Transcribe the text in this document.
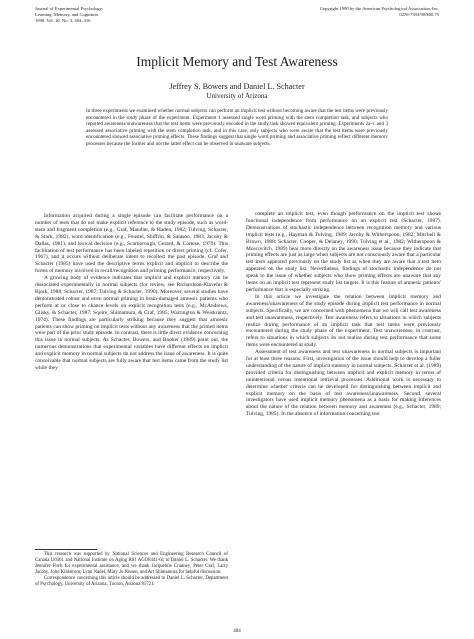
Journal of Experimental Psychology:
Learning, Memory, and Cognition
1990, Vol. 16, No. 3, 404–416
Copyright 1990 by the American Psychological Association, Inc.
0278-7393/90/$00.75
Implicit Memory and Test Awareness
Jeffrey S. Bowers and Daniel L. Schacter
University of Arizona
In three experiments we examined whether normal subjects can perform an implicit test without becoming aware that the test items were previously encountered in the study phase of the experiment. Experiment 1 assessed single word priming with the stem completion task, and subjects who reported awareness/unawareness that the test items were previously encoded in the study task showed equivalent priming. Experiments 2a–c and 3 assessed associative priming with the stem completion task, and in this case, only subjects who were aware that the test items were previously encountered showed associative priming effects. These findings suggest that single word priming and associative priming reflect different memory processes because the former and not the latter effect can be observed in unaware subjects.

Information acquired during a single episode can facilitate performance on a number of tests that do not make explicit reference to the study episode, such as word-stem and fragment completion (e.g., Graf, Mandler, & Haden, 1982; Tulving, Schacter, & Stark, 1982), word identification (e.g., Feustel, Shiffrin, & Salasoo, 1983, Jacoby & Dallas, 1981), and lexical decision (e.g., Scarborough, Gerard, & Cortese, 1979). This facilitation of test performance has been labeled repetition or direct priming (cf. Cofer, 1967), and it occurs without deliberate intent to recollect the past episode. Graf and Schacter (1985) have used the descriptive terms explicit and implicit to describe the forms of memory involved in recall/recognition and priming performance, respectively.

A growing body of evidence indicates that implicit and explicit memory can be dissociated experimentally in normal subjects (for review, see Richardson-Klavehn & Bjork, 1988; Schacter, 1987; Tulving & Schacter, 1990). Moreover, several studies have demonstrated robust and even normal priming in brain-damaged amnesic patients who perform at or close to chance levels on explicit recognition tests (e.g., McAndrews, Glisky, & Schacter, 1987; Squire, Shimamura, & Graf, 1985; Warrington & Weiskrantz, 1974). These findings are particularly striking because they suggest that amnesic patients can show priming on implicit tests without any awareness that the primed items were part of the prior study episode. In contrast, there is little direct evidence concerning this issue in normal subjects. As Schacter, Bowers, and Booker (1989) point out, the numerous demonstrations that experimental variables have different effects on implicit and explicit memory in normal subjects do not address the issue of awareness. It is quite conceivable that normal subjects are fully aware that test items came from the study list while they

complete an implicit test, even though performance on the implicit test shows functional independence from performance on an explicit test (Schacter, 1987). Demonstrations of stochastic independence between recognition memory and various implicit tests (e.g., Hayman & Tulving, 1989; Jacoby & Witherspoon, 1982; Mitchell & Brown, 1988; Schacter, Cooper, & Delaney, 1990; Tulving et al., 1982; Witherspoon & Moscovitch, 1989) bear more directly on the awareness issue because they indicate that priming effects are just as large when subjects are not consciously aware that a particular test item appeared previously on the study list as when they are aware that a test item appeared on the study list. Nevertheless, findings of stochastic independence do not speak to the issue of whether subjects who show priming effects are unaware that any items on an implicit test represent study list targets. It is this feature of amnesic patients' performance that is especially striking.

In this article we investigate the relation between implicit memory and awareness/unawareness of the study episode during implicit test performance in normal subjects. Specifically, we are concerned with phenomena that we will call test awareness and test unawareness, respectively. Test awareness refers to situations in which subjects realize during performance of an implicit task that test items were previously encountered during the study phase of the experiment. Test unawareness, in contrast, refers to situations in which subjects do not realize during test performance that some items were encountered at study.

Assessment of test awareness and test unawareness in normal subjects is important for at least three reasons. First, investigation of the issue should help to develop a fuller understanding of the nature of implicit memory in normal subjects. Schacter et al. (1989) provided criteria for distinguishing between implicit and explicit memory in terms of unintentional versus intentional retrieval processes. Additional work is necessary to determine whether criteria can be developed for distinguishing between implicit and explicit memory on the basis of test awareness/unawareness. Second, several investigators have used implicit memory phenomena as a basis for making inferences about the nature of the relation between memory and awareness (e.g., Schacter, 1989; Tulving, 1985). In the absence of information concerning test

This research was supported by National Sciences and Engineering Research Council of Canada U0361 and National Institute on Aging R01 AGO8441-01 to Daniel L. Schacter. We thank Jennifer Fitch for experimental assistance, and we thank Jacqueline Cranney, Peter Graf, Larry Jacoby, John Kihlstrom, Lynn Nadel, Mary Jo Nissen, and Art Shimamura for helpful discussion.

Correspondence concerning this article should be addressed to Daniel L. Schacter, Department of Psychology, University of Arizona, Tucson, Arizona 85721.

404
